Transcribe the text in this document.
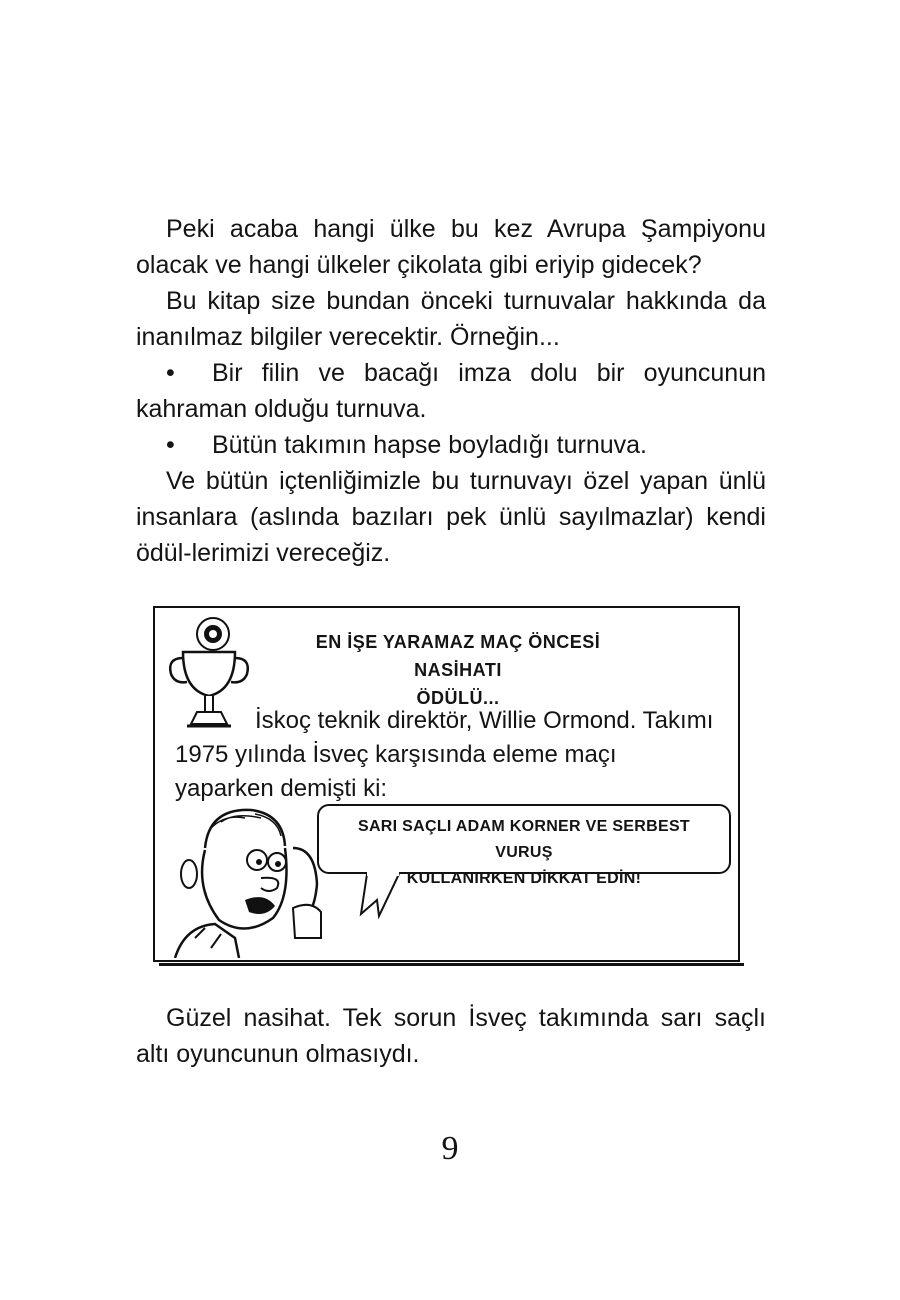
Peki acaba hangi ülke bu kez Avrupa Şampiyonu olacak ve hangi ülkeler çikolata gibi eriyip gidecek?

Bu kitap size bundan önceki turnuvalar hakkında da inanılmaz bilgiler verecektir. Örneğin...

• Bir filin ve bacağı imza dolu bir oyuncunun kahraman olduğu turnuva.

• Bütün takımın hapse boyladığı turnuva.

Ve bütün içtenliğimizle bu turnuvayı özel yapan ünlü insanlara (aslında bazıları pek ünlü sayılmazlar) kendi ödül-lerimizi vereceğiz.

EN İŞE YARAMAZ MAÇ ÖNCESİ NASİHATI
ÖDÜLÜ...
İskoç teknik direktör, Willie Ormond. Takımı 1975 yılında İsveç karşısında eleme maçı yaparken demişti ki:
SARI SAÇLI ADAM KORNER VE SERBEST VURUŞ
KULLANIRKEN DİKKAT EDİN!

Güzel nasihat. Tek sorun İsveç takımında sarı saçlı altı oyuncunun olmasıydı.

9
